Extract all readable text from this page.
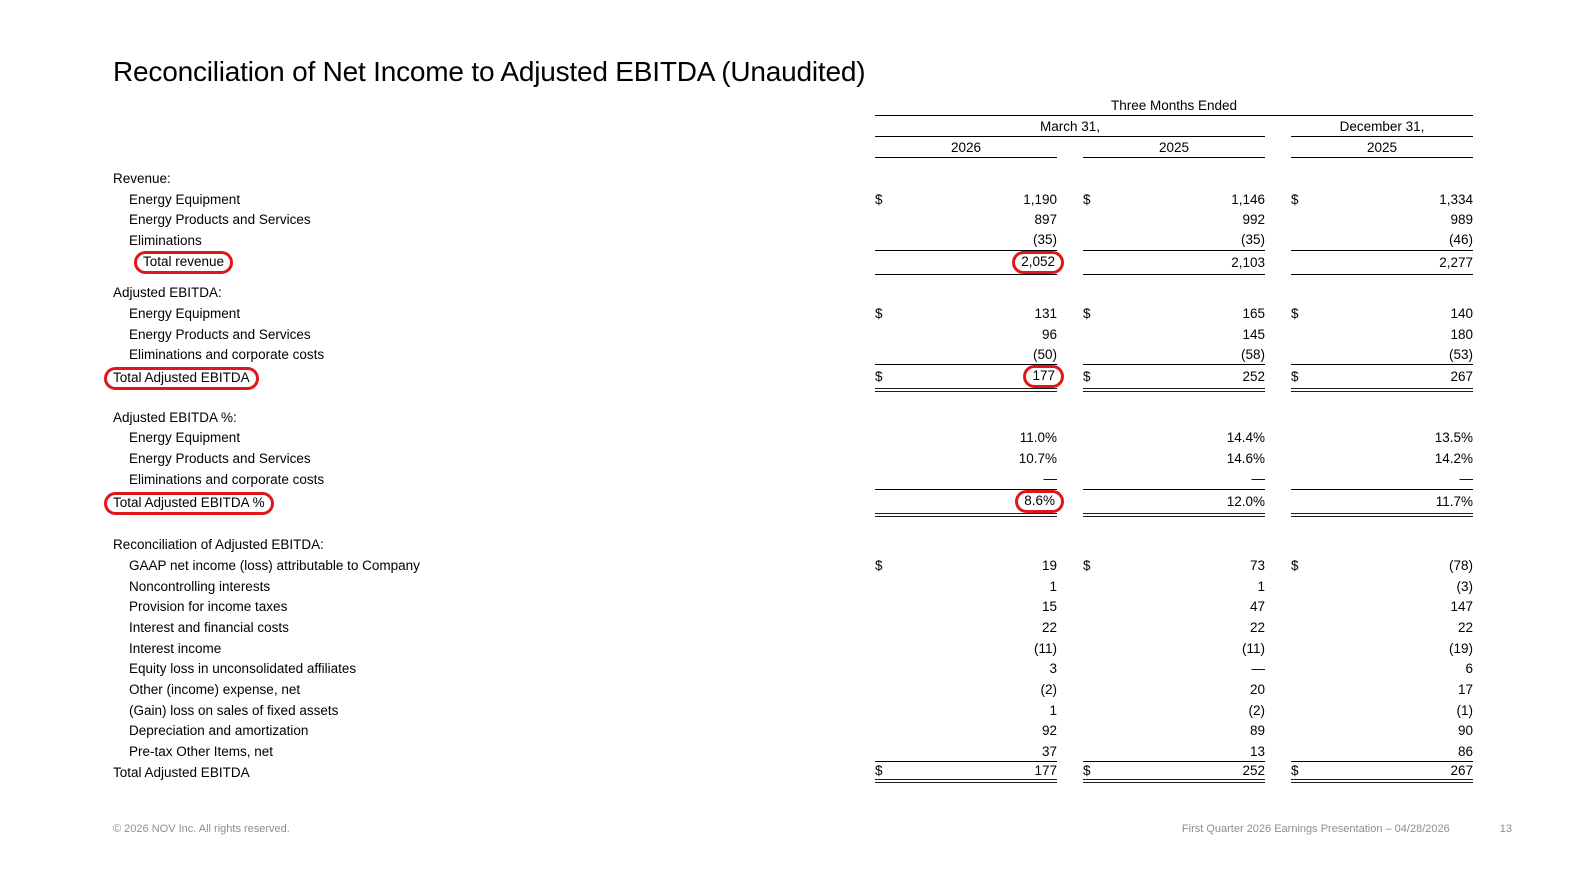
Reconciliation of Net Income to Adjusted EBITDA (Unaudited)
Three Months Ended
March 31,	December 31,
2026	2025	2025
Revenue:
Energy Equipment	$	1,190 $	1,146 $	1,334
Energy Products and Services	897	992	989
Eliminations	(35)	(35)	(46)
Total revenue	2,052	2,103	2,277
Adjusted EBITDA:
Energy Equipment	$	131 $	165 $	140
Energy Products and Services	96	145	180
Eliminations and corporate costs	(50)	(58)	(53)
Total Adjusted EBITDA	$	177 $	252 $	267
Adjusted EBITDA %:
Energy Equipment	11.0%	14.4%	13.5%
Energy Products and Services	10.7%	14.6%	14.2%
Eliminations and corporate costs	—	—	—
Total Adjusted EBITDA %	8.6%	12.0%	11.7%
Reconciliation of Adjusted EBITDA:
GAAP net income (loss) attributable to Company	$	19 $	73 $	(78)
Noncontrolling interests	1	1	(3)
Provision for income taxes	15	47	147
Interest and financial costs	22	22	22
Interest income	(11)	(11)	(19)
Equity loss in unconsolidated affiliates	3	—	6
Other (income) expense, net	(2)	20	17
(Gain) loss on sales of fixed assets	1	(2)	(1)
Depreciation and amortization	92	89	90
Pre-tax Other Items, net	37	13	86
Total Adjusted EBITDA	$	177 $	252 $	267
© 2026 NOV Inc. All rights reserved.	First Quarter 2026 Earnings Presentation – 04/28/2026	13
